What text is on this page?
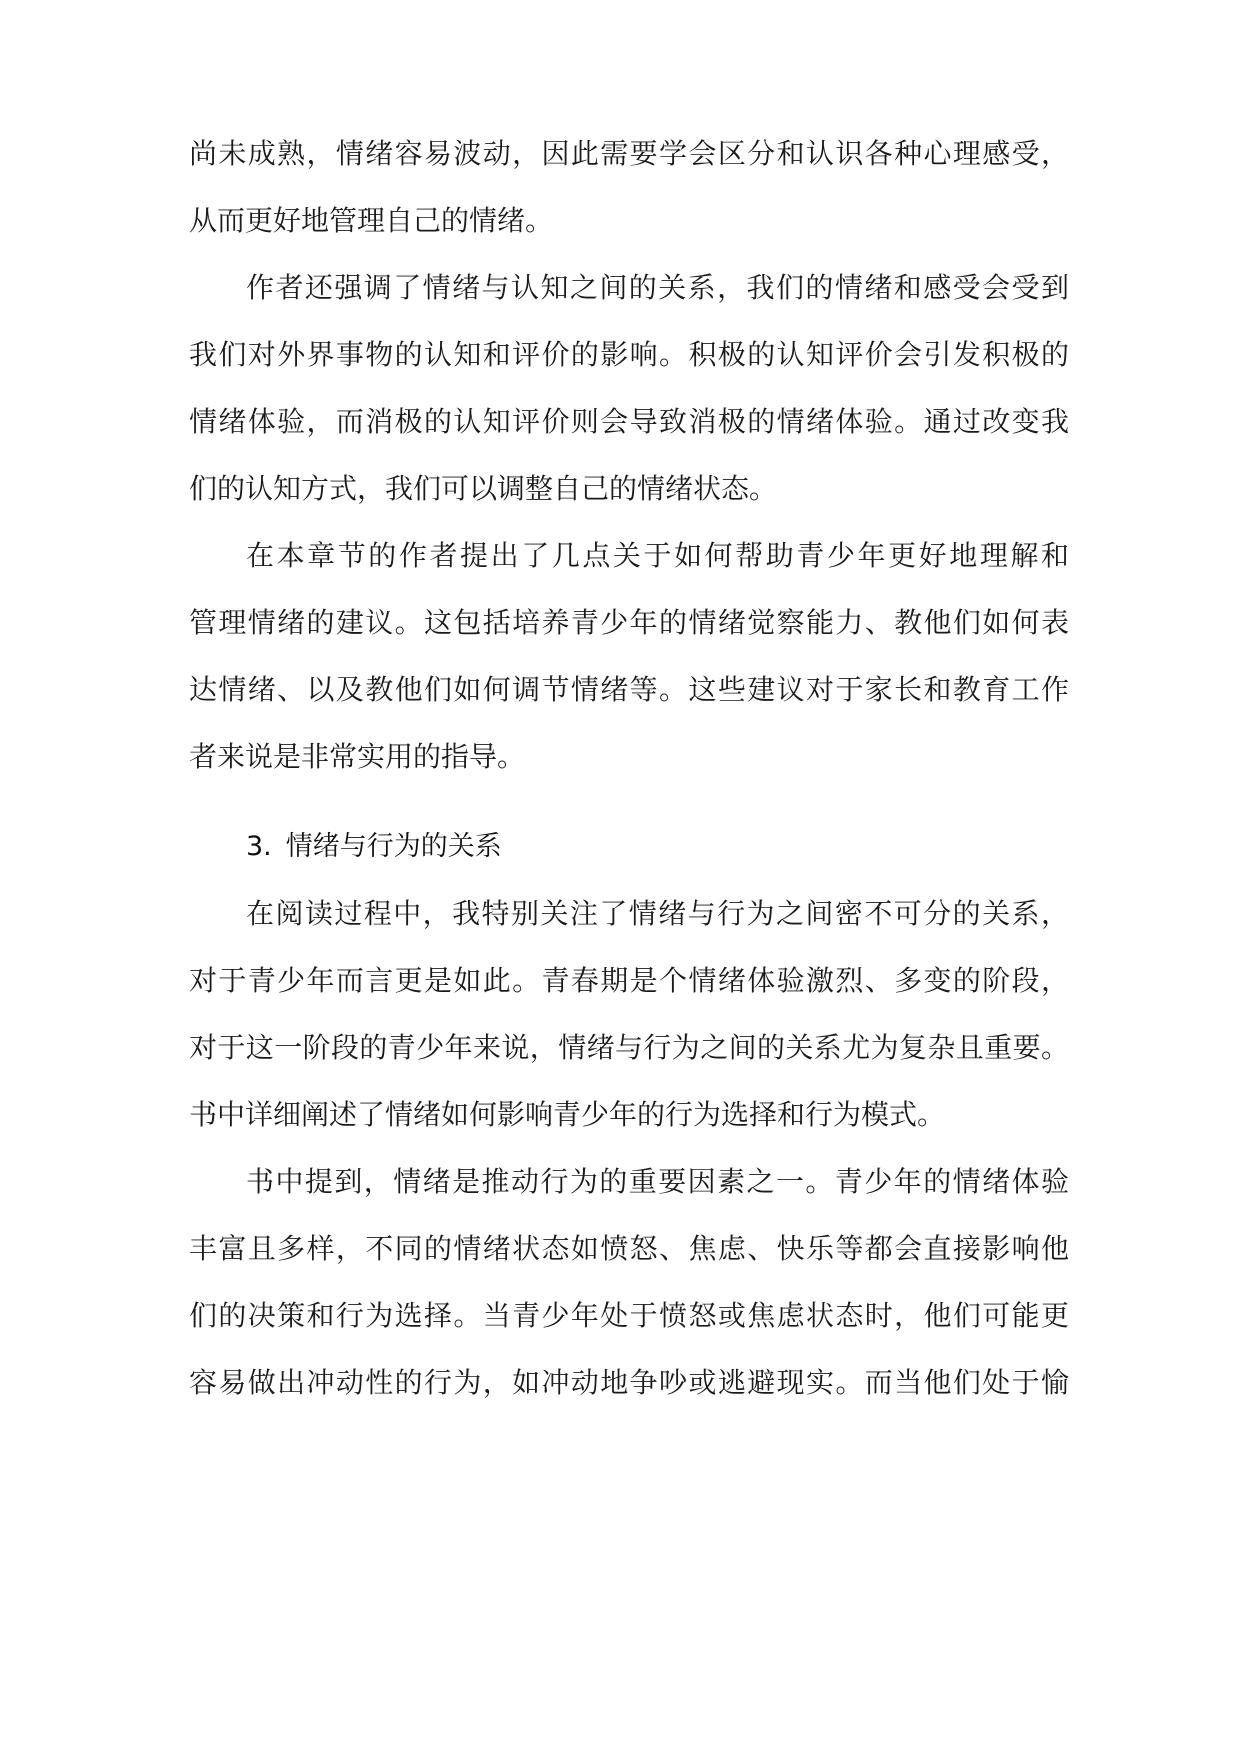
尚未成熟，情绪容易波动，因此需要学会区分和认识各种心理感受，
从而更好地管理自己的情绪。
作者还强调了情绪与认知之间的关系，我们的情绪和感受会受到
我们对外界事物的认知和评价的影响。积极的认知评价会引发积极的
情绪体验，而消极的认知评价则会导致消极的情绪体验。通过改变我
们的认知方式，我们可以调整自己的情绪状态。
在本章节的作者提出了几点关于如何帮助青少年更好地理解和
管理情绪的建议。这包括培养青少年的情绪觉察能力、教他们如何表
达情绪、以及教他们如何调节情绪等。这些建议对于家长和教育工作
者来说是非常实用的指导。
3. 情绪与行为的关系
在阅读过程中，我特别关注了情绪与行为之间密不可分的关系，
对于青少年而言更是如此。青春期是个情绪体验激烈、多变的阶段，
对于这一阶段的青少年来说，情绪与行为之间的关系尤为复杂且重要。
书中详细阐述了情绪如何影响青少年的行为选择和行为模式。
书中提到，情绪是推动行为的重要因素之一。青少年的情绪体验
丰富且多样，不同的情绪状态如愤怒、焦虑、快乐等都会直接影响他
们的决策和行为选择。当青少年处于愤怒或焦虑状态时，他们可能更
容易做出冲动性的行为，如冲动地争吵或逃避现实。而当他们处于愉
